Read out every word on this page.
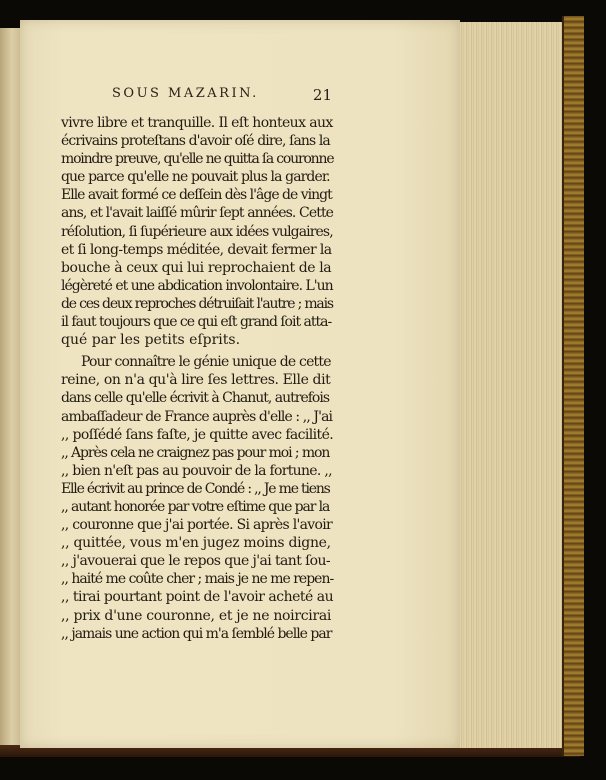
SOUS MAZARIN.	21
vivre libre et tranquille. Il eſt honteux aux
écrivains proteſtans d'avoir oſé dire, ſans la
moindre preuve, qu'elle ne quitta ſa couronne
que parce qu'elle ne pouvait plus la garder.
Elle avait formé ce deſſein dès l'âge de vingt
ans, et l'avait laiſſé mûrir ſept années. Cette
réſolution, ſi ſupérieure aux idées vulgaires,
et ſi long-temps méditée, devait fermer la
bouche à ceux qui lui reprochaient de la
légèreté et une abdication involontaire. L'un
de ces deux reproches détruiſait l'autre ; mais
il faut toujours que ce qui eſt grand ſoit atta-
qué par les petits eſprits.
Pour connaître le génie unique de cette
reine, on n'a qu'à lire ſes lettres. Elle dit
dans celle qu'elle écrivit à Chanut, autrefois
ambaſſadeur de France auprès d'elle : ,, J'ai
,, poſſédé ſans faſte, je quitte avec facilité.
,, Après cela ne craignez pas pour moi ; mon
,, bien n'eſt pas au pouvoir de la fortune. ,,
Elle écrivit au prince de Condé : ,, Je me tiens
,, autant honorée par votre eſtime que par la
,, couronne que j'ai portée. Si après l'avoir
,, quittée, vous m'en jugez moins digne,
,, j'avouerai que le repos que j'ai tant ſou-
,, haité me coûte cher ; mais je ne me repen-
,, tirai pourtant point de l'avoir acheté au
,, prix d'une couronne, et je ne noircirai
,, jamais une action qui m'a ſemblé belle par
